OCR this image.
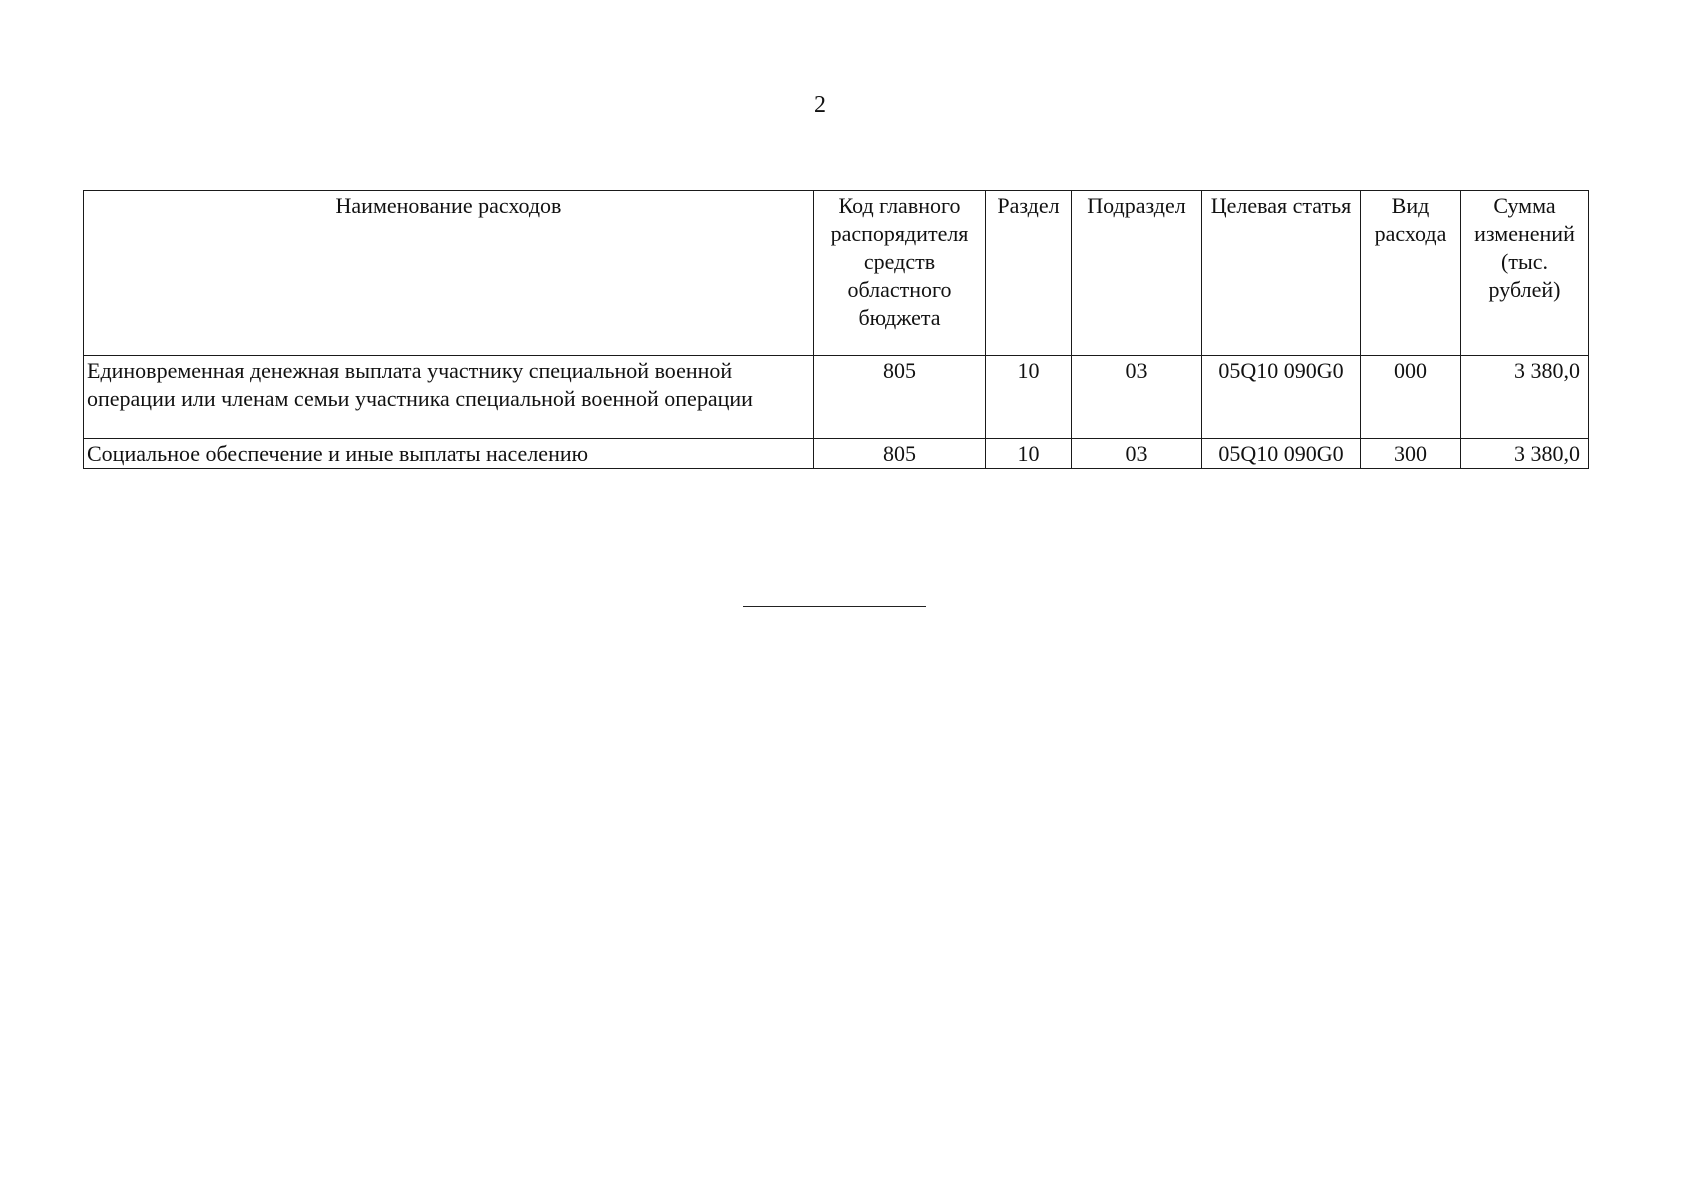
2
Наименование расходов	Код главного распорядителя средств областного бюджета	Раздел	Подраздел	Целевая статья	Вид расхода	Сумма изменений (тыс. рублей)
Единовременная денежная выплата участнику специальной военной операции или членам семьи участника специальной военной операции	805	10	03	05Q10 090G0	000	3 380,0
Социальное обеспечение и иные выплаты населению	805	10	03	05Q10 090G0	300	3 380,0
